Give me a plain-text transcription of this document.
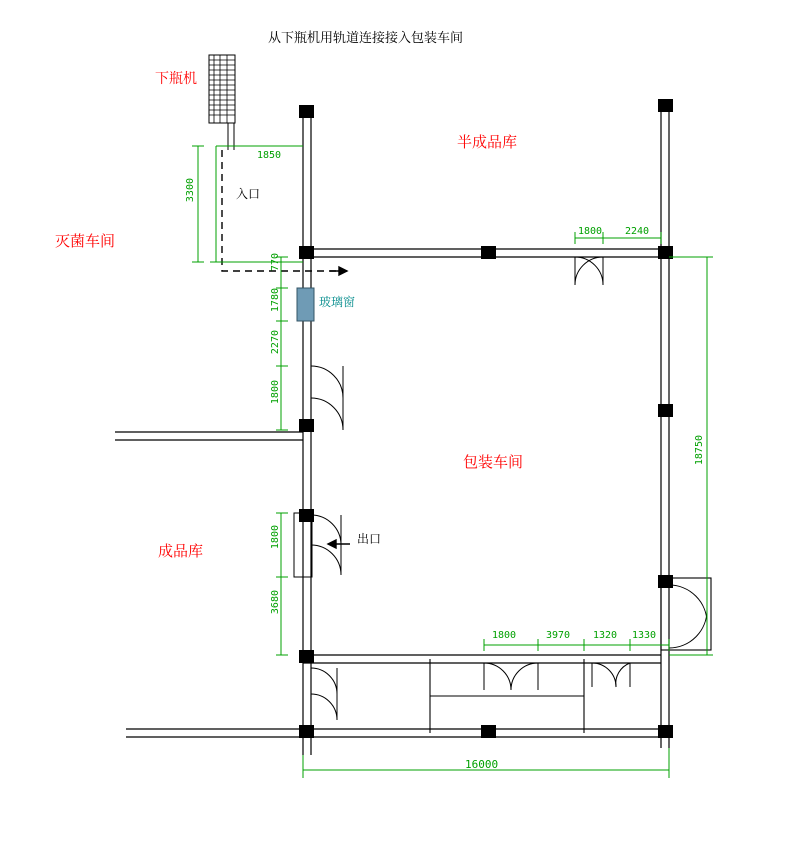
从下瓶机用轨道连接接入包装车间
半成品库
灭菌车间
包装车间
成品库
下瓶机
入口
出口
玻璃窗
1850
3300
770
1780
2270
1800
1800
3680
1800 2240
18750
1800	3970 1320 1330
16000
